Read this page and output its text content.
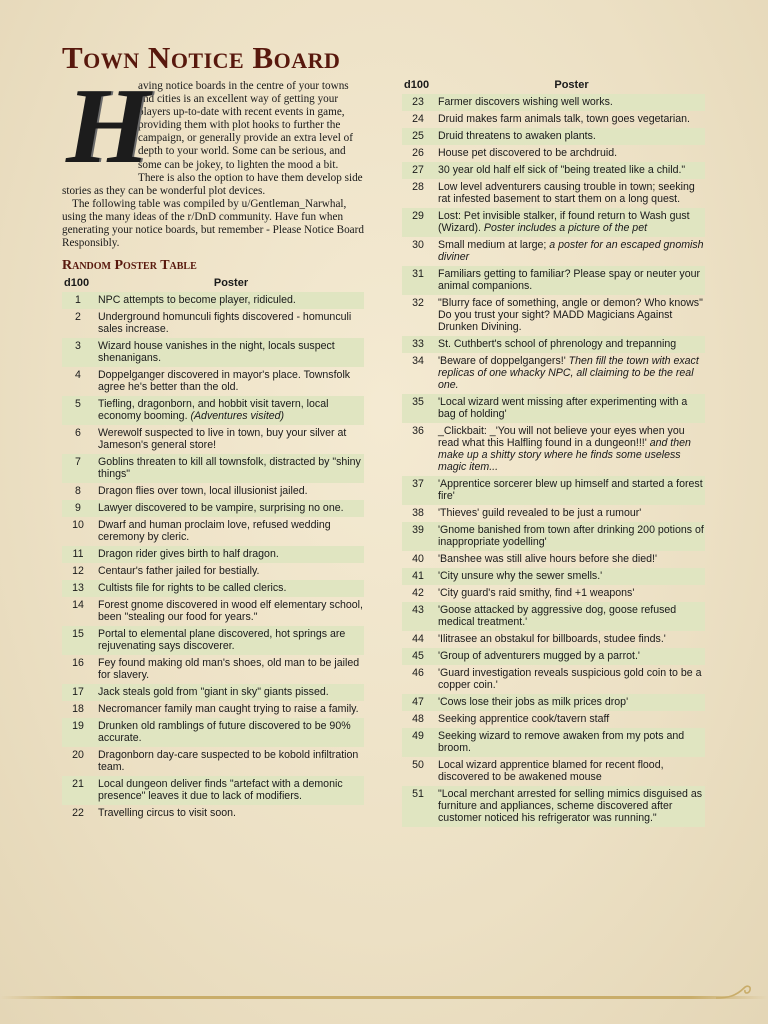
Town Notice Board
H

aving notice boards in the centre of your towns and cities is an excellent way of getting your players up-to-date with recent events in game, providing them with plot hooks to further the campaign, or generally provide an extra level of depth to your world. Some can be serious, and some can be jokey, to lighten the mood a bit. There is also the option to have them develop side stories as they can be wonderful plot devices.

The following table was compiled by u/Gentleman_Narwhal, using the many ideas of the r/DnD community. Have fun when generating your notice boards, but remember - Please Notice Board Responsibly.

Random Poster Table
d100	Poster
1	NPC attempts to become player, ridiculed.
2	Underground homunculi fights discovered - homunculi sales increase.
3	Wizard house vanishes in the night, locals suspect shenanigans.
4	Doppelganger discovered in mayor's place. Townsfolk agree he's better than the old.
5	Tiefling, dragonborn, and hobbit visit tavern, local economy booming. (Adventures visited)
6	Werewolf suspected to live in town, buy your silver at Jameson's general store!
7	Goblins threaten to kill all townsfolk, distracted by "shiny things"
8	Dragon flies over town, local illusionist jailed.
9	Lawyer discovered to be vampire, surprising no one.
10	Dwarf and human proclaim love, refused wedding ceremony by cleric.
11	Dragon rider gives birth to half dragon.
12	Centaur's father jailed for bestially.
13	Cultists file for rights to be called clerics.
14	Forest gnome discovered in wood elf elementary school, been "stealing our food for years."
15	Portal to elemental plane discovered, hot springs are rejuvenating says discoverer.
16	Fey found making old man's shoes, old man to be jailed for slavery.
17	Jack steals gold from "giant in sky" giants pissed.
18	Necromancer family man caught trying to raise a family.
19	Drunken old ramblings of future discovered to be 90% accurate.
20	Dragonborn day-care suspected to be kobold infiltration team.
21	Local dungeon deliver finds "artefact with a demonic presence" leaves it due to lack of modifiers.
22	Travelling circus to visit soon.
d100	Poster
23	Farmer discovers wishing well works.
24	Druid makes farm animals talk, town goes vegetarian.
25	Druid threatens to awaken plants.
26	House pet discovered to be archdruid.
27	30 year old half elf sick of "being treated like a child."
28	Low level adventurers causing trouble in town; seeking rat infested basement to start them on a long quest.
29	Lost: Pet invisible stalker, if found return to Wash gust (Wizard). Poster includes a picture of the pet
30	Small medium at large; a poster for an escaped gnomish diviner
31	Familiars getting to familiar? Please spay or neuter your animal companions.
32	"Blurry face of something, angle or demon? Who knows" Do you trust your sight? MADD Magicians Against Drunken Divining.
33	St. Cuthbert's school of phrenology and trepanning
34	'Beware of doppelgangers!' Then fill the town with exact replicas of one whacky NPC, all claiming to be the real one.
35	'Local wizard went missing after experimenting with a bag of holding'
36	_Clickbait: _'You will not believe your eyes when you read what this Halfling found in a dungeon!!!' and then make up a shitty story where he finds some useless magic item...
37	'Apprentice sorcerer blew up himself and started a forest fire'
38	'Thieves' guild revealed to be just a rumour'
39	'Gnome banished from town after drinking 200 potions of inappropriate yodelling'
40	'Banshee was still alive hours before she died!'
41	'City unsure why the sewer smells.'
42	'City guard's raid smithy, find +1 weapons'
43	'Goose attacked by aggressive dog, goose refused medical treatment.'
44	'Ilitrasee an obstakul for billboards, studee finds.'
45	'Group of adventurers mugged by a parrot.'
46	'Guard investigation reveals suspicious gold coin to be a copper coin.'
47	'Cows lose their jobs as milk prices drop'
48	Seeking apprentice cook/tavern staff
49	Seeking wizard to remove awaken from my pots and broom.
50	Local wizard apprentice blamed for recent flood, discovered to be awakened mouse
51	"Local merchant arrested for selling mimics disguised as furniture and appliances, scheme discovered after customer noticed his refrigerator was running."
